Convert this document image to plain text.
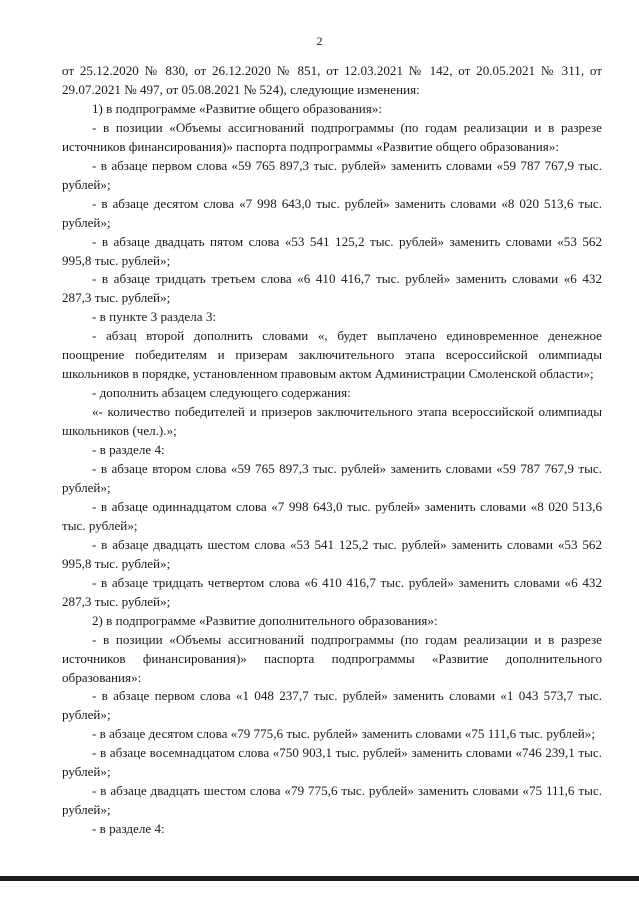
2

от 25.12.2020 № 830, от 26.12.2020 № 851, от 12.03.2021 № 142, от 20.05.2021 № 311, от 29.07.2021 № 497, от 05.08.2021 № 524), следующие изменения:

1) в подпрограмме «Развитие общего образования»:

- в позиции «Объемы ассигнований подпрограммы (по годам реализации и в разрезе источников финансирования)» паспорта подпрограммы «Развитие общего образования»:

- в абзаце первом слова «59 765 897,3 тыс. рублей» заменить словами «59 787 767,9 тыс. рублей»;

- в абзаце десятом слова «7 998 643,0 тыс. рублей» заменить словами «8 020 513,6 тыс. рублей»;

- в абзаце двадцать пятом слова «53 541 125,2 тыс. рублей» заменить словами «53 562 995,8 тыс. рублей»;

- в абзаце тридцать третьем слова «6 410 416,7 тыс. рублей» заменить словами «6 432 287,3 тыс. рублей»;

- в пункте 3 раздела 3:

- абзац второй дополнить словами «, будет выплачено единовременное денежное поощрение победителям и призерам заключительного этапа всероссийской олимпиады школьников в порядке, установленном правовым актом Администрации Смоленской области»;

- дополнить абзацем следующего содержания:

«- количество победителей и призеров заключительного этапа всероссийской олимпиады школьников (чел.).»;

- в разделе 4:

- в абзаце втором слова «59 765 897,3 тыс. рублей» заменить словами «59 787 767,9 тыс. рублей»;

- в абзаце одиннадцатом слова «7 998 643,0 тыс. рублей» заменить словами «8 020 513,6 тыс. рублей»;

- в абзаце двадцать шестом слова «53 541 125,2 тыс. рублей» заменить словами «53 562 995,8 тыс. рублей»;

- в абзаце тридцать четвертом слова «6 410 416,7 тыс. рублей» заменить словами «6 432 287,3 тыс. рублей»;

2) в подпрограмме «Развитие дополнительного образования»:

- в позиции «Объемы ассигнований подпрограммы (по годам реализации и в разрезе источников финансирования)» паспорта подпрограммы «Развитие дополнительного образования»:

- в абзаце первом слова «1 048 237,7 тыс. рублей» заменить словами «1 043 573,7 тыс. рублей»;

- в абзаце десятом слова «79 775,6 тыс. рублей» заменить словами «75 111,6 тыс. рублей»;

- в абзаце восемнадцатом слова «750 903,1 тыс. рублей» заменить словами «746 239,1 тыс. рублей»;

- в абзаце двадцать шестом слова «79 775,6 тыс. рублей» заменить словами «75 111,6 тыс. рублей»;

- в разделе 4:
